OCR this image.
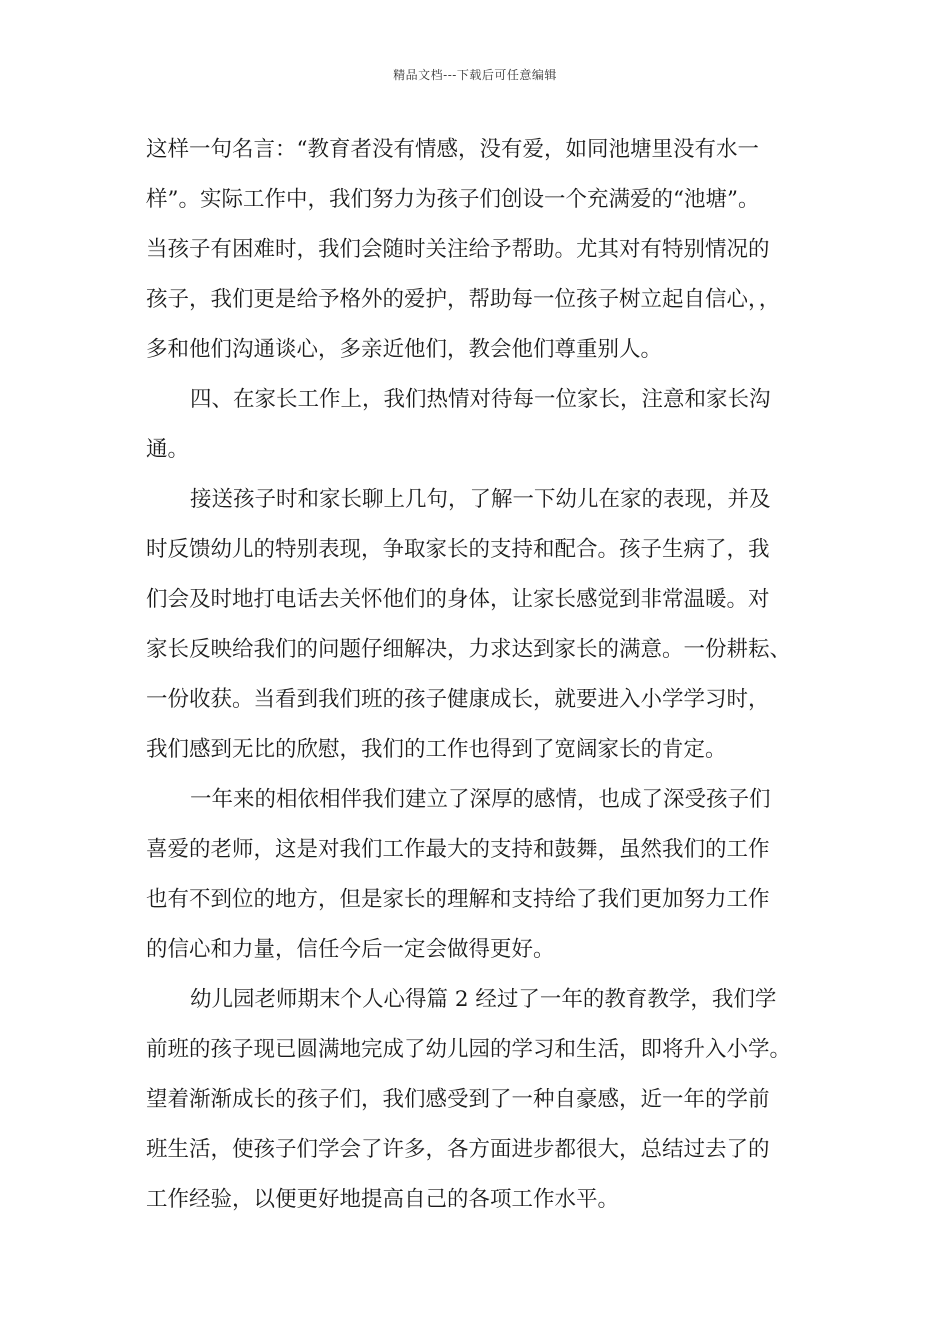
精品文档---下载后可任意编辑
这样一句名言：“教育者没有情感，没有爱，如同池塘里没有水一
样”。实际工作中，我们努力为孩子们创设一个充满爱的“池塘”。
当孩子有困难时，我们会随时关注给予帮助。尤其对有特别情况的
孩子，我们更是给予格外的爱护，帮助每一位孩子树立起自信心，，
多和他们沟通谈心，多亲近他们，教会他们尊重别人。
四、在家长工作上，我们热情对待每一位家长，注意和家长沟
通。
接送孩子时和家长聊上几句，了解一下幼儿在家的表现，并及
时反馈幼儿的特别表现，争取家长的支持和配合。孩子生病了，我
们会及时地打电话去关怀他们的身体，让家长感觉到非常温暖。对
家长反映给我们的问题仔细解决，力求达到家长的满意。一份耕耘、
一份收获。当看到我们班的孩子健康成长，就要进入小学学习时，
我们感到无比的欣慰，我们的工作也得到了宽阔家长的肯定。
一年来的相依相伴我们建立了深厚的感情，也成了深受孩子们
喜爱的老师，这是对我们工作最大的支持和鼓舞，虽然我们的工作
也有不到位的地方，但是家长的理解和支持给了我们更加努力工作
的信心和力量，信任今后一定会做得更好。
幼儿园老师期末个人心得篇 2 经过了一年的教育教学，我们学
前班的孩子现已圆满地完成了幼儿园的学习和生活，即将升入小学。
望着渐渐成长的孩子们，我们感受到了一种自豪感，近一年的学前
班生活，使孩子们学会了许多，各方面进步都很大，总结过去了的
工作经验，以便更好地提高自己的各项工作水平。
